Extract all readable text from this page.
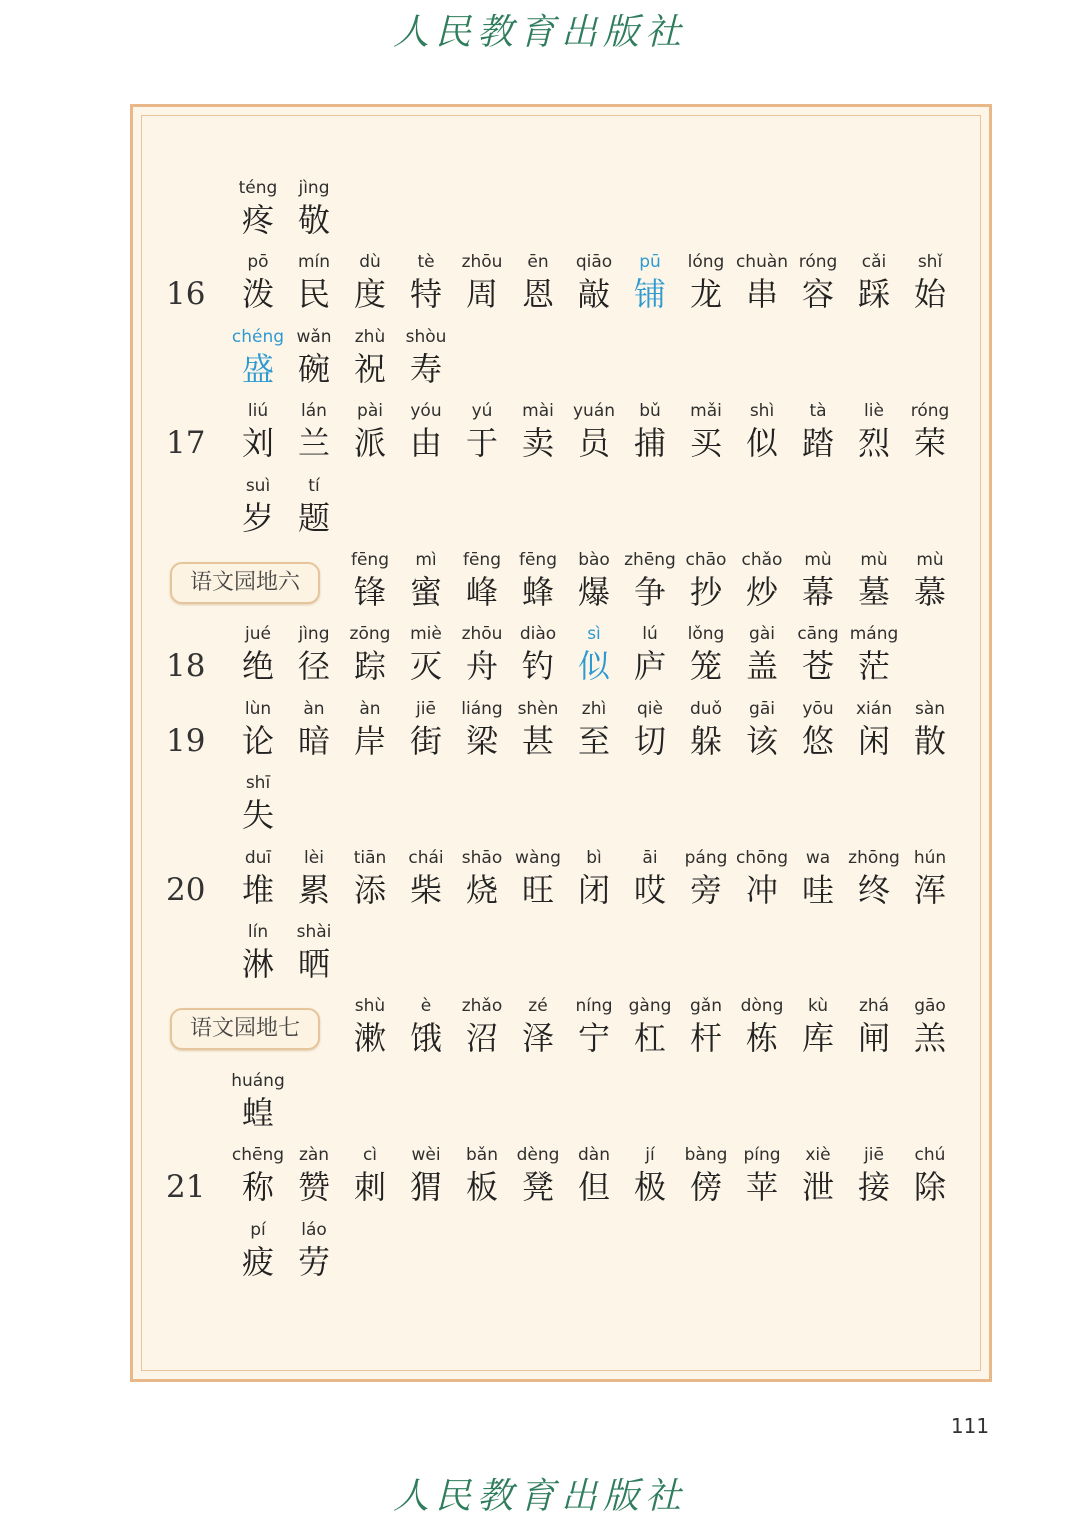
人民教育出版社
téng
疼
jìng
敬
16
pō
泼
mín
民
dù
度
tè
特
zhōu
周
ēn
恩
qiāo
敲
pū
铺
lóng
龙
chuàn
串
róng
容
cǎi
踩
shǐ
始
chéng
盛
wǎn
碗
zhù
祝
shòu
寿
17
liú
刘
lán
兰
pài
派
yóu
由
yú
于
mài
卖
yuán
员
bǔ
捕
mǎi
买
shì
似
tà
踏
liè
烈
róng
荣
suì
岁
tí
题
语文园地六
fēng
锋
mì
蜜
fēng
峰
fēng
蜂
bào
爆
zhēng
争
chāo
抄
chǎo
炒
mù
幕
mù
墓
mù
慕
18
jué
绝
jìng
径
zōng
踪
miè
灭
zhōu
舟
diào
钓
sì
似
lú
庐
lǒng
笼
gài
盖
cāng
苍
máng
茫
19
lùn
论
àn
暗
àn
岸
jiē
街
liáng
梁
shèn
甚
zhì
至
qiè
切
duǒ
躲
gāi
该
yōu
悠
xián
闲
sàn
散
shī
失
20
duī
堆
lèi
累
tiān
添
chái
柴
shāo
烧
wàng
旺
bì
闭
āi
哎
páng
旁
chōng
冲
wa
哇
zhōng
终
hún
浑
lín
淋
shài
晒
语文园地七
shù
漱
è
饿
zhǎo
沼
zé
泽
níng
宁
gàng
杠
gǎn
杆
dòng
栋
kù
库
zhá
闸
gāo
羔
huáng
蝗
21
chēng
称
zàn
赞
cì
刺
wèi
猬
bǎn
板
dèng
凳
dàn
但
jí
极
bàng
傍
píng
苹
xiè
泄
jiē
接
chú
除
pí
疲
láo
劳
111
人民教育出版社
